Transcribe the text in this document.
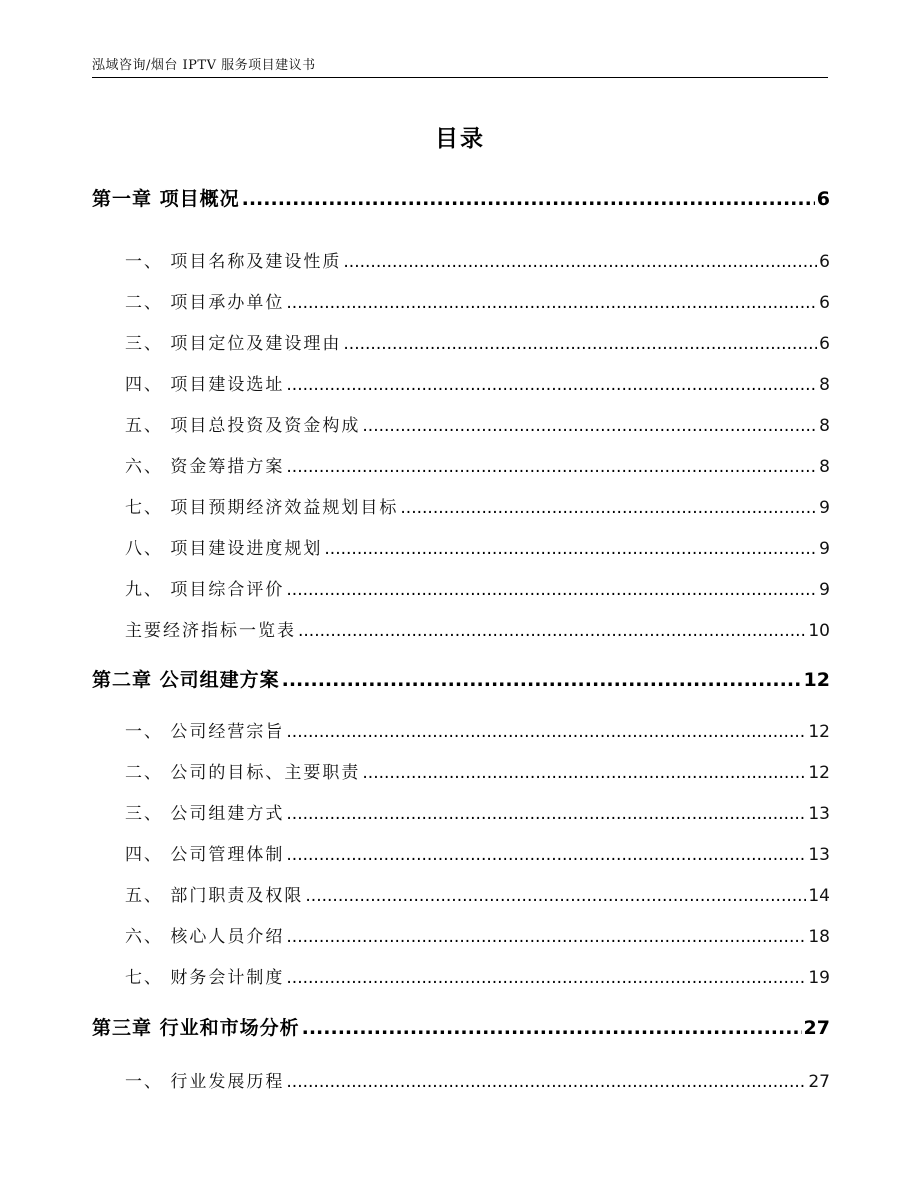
泓域咨询/烟台 IPTV 服务项目建议书
目录
第一章 项目概况 .....	6
一、 项目名称及建设性质 .....	6
二、 项目承办单位 .....	6
三、 项目定位及建设理由 .....	6
四、 项目建设选址 .....	8
五、 项目总投资及资金构成 .....	8
六、 资金筹措方案 .....	8
七、 项目预期经济效益规划目标 .....	9
八、 项目建设进度规划 .....	9
九、 项目综合评价 .....	9
主要经济指标一览表 .....	10
第二章 公司组建方案 .....	12
一、 公司经营宗旨 .....	12
二、 公司的目标、主要职责 .....	12
三、 公司组建方式 .....	13
四、 公司管理体制 .....	13
五、 部门职责及权限 .....	14
六、 核心人员介绍 .....	18
七、 财务会计制度 .....	19
第三章 行业和市场分析 .....	27
一、 行业发展历程 .....	27
